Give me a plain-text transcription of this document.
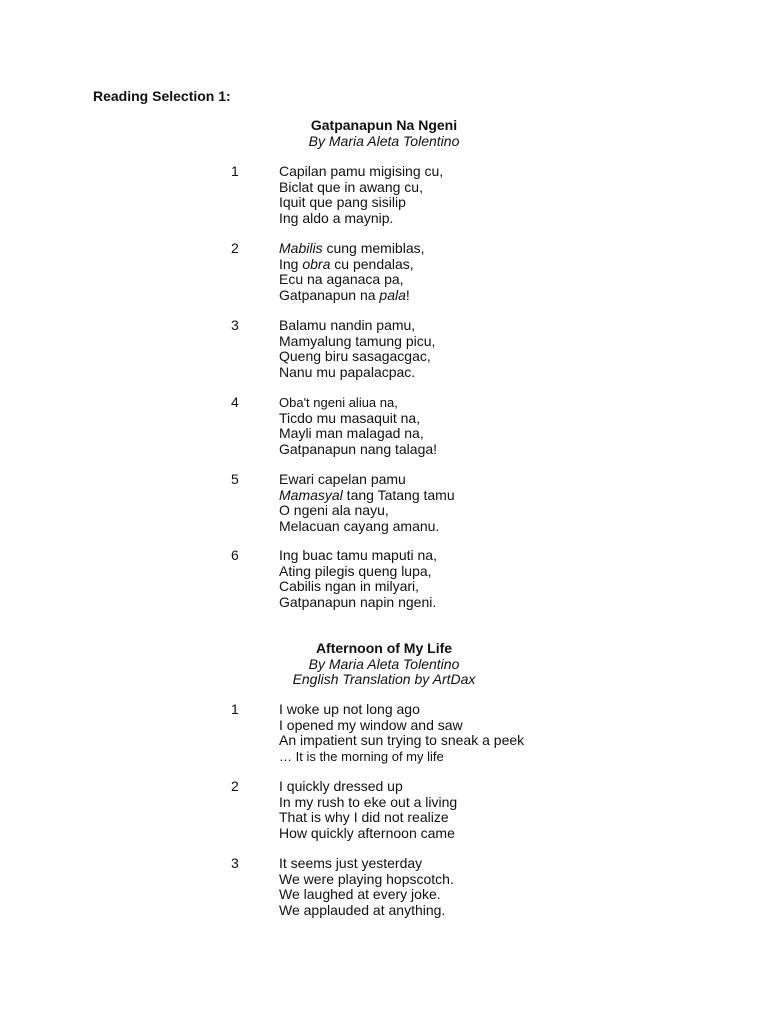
Reading Selection 1:
Gatpanapun Na Ngeni
By Maria Aleta Tolentino
1	Capilan pamu migising cu,
Biclat que in awang cu,
Iquit que pang sisilip
Ing aldo a maynip.
2	Mabilis cung memiblas,
Ing obra cu pendalas,
Ecu na aganaca pa,
Gatpanapun na pala!
3	Balamu nandin pamu,
Mamyalung tamung picu,
Queng biru sasagacgac,
Nanu mu papalacpac.
4	Oba't ngeni aliua na,
Ticdo mu masaquit na,
Mayli man malagad na,
Gatpanapun nang talaga!
5	Ewari capelan pamu
Mamasyal tang Tatang tamu
O ngeni ala nayu,
Melacuan cayang amanu.
6	Ing buac tamu maputi na,
Ating pilegis queng lupa,
Cabilis ngan in milyari,
Gatpanapun napin ngeni.
Afternoon of My Life
By Maria Aleta Tolentino
English Translation by ArtDax
1	I woke up not long ago
I opened my window and saw
An impatient sun trying to sneak a peek
… It is the morning of my life
2	I quickly dressed up
In my rush to eke out a living
That is why I did not realize
How quickly afternoon came
3	It seems just yesterday
We were playing hopscotch.
We laughed at every joke.
We applauded at anything.
